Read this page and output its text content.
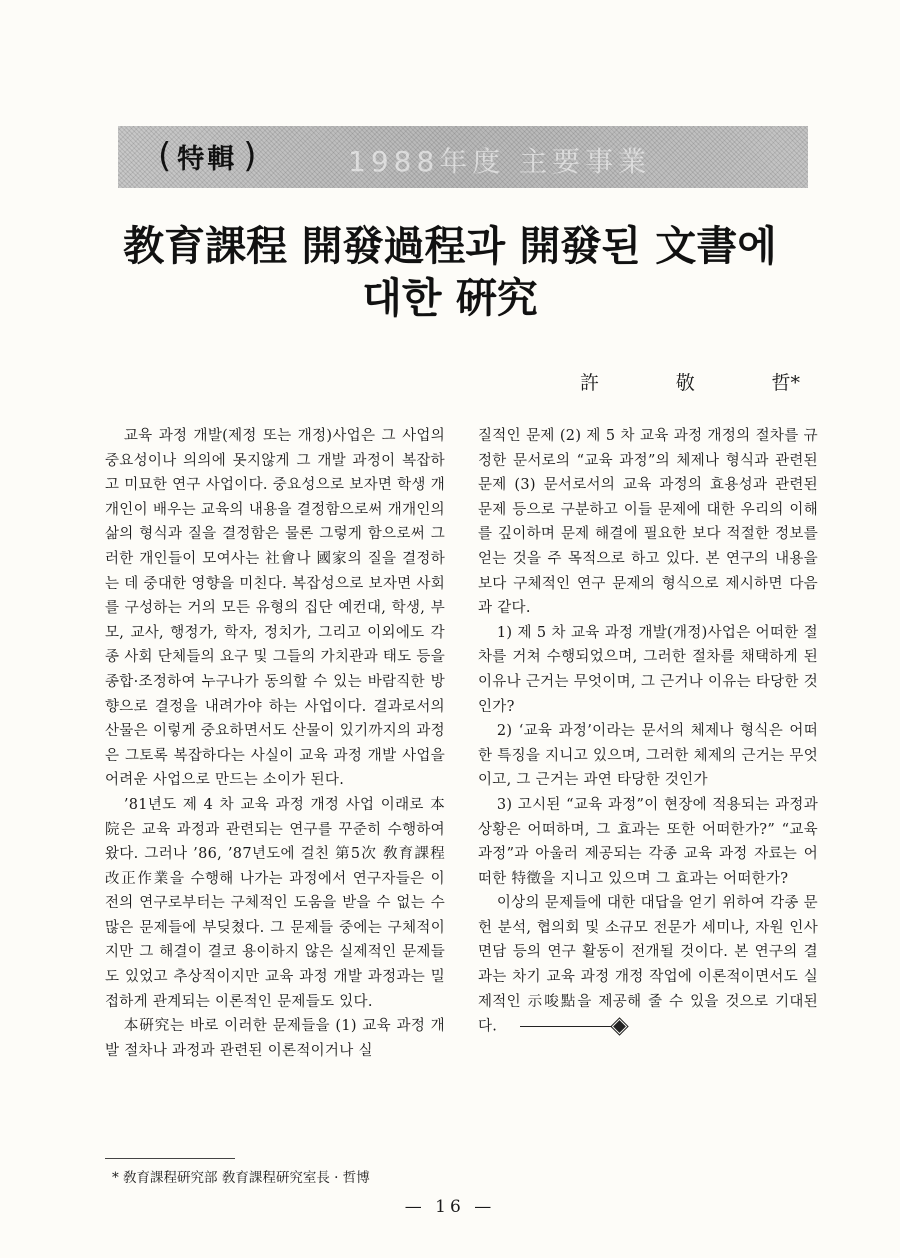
( 特輯 )	1988年度 主要事業
教育課程 開發過程과 開發된 文書에
대한 硏究
許	敬	哲*

교육 과정 개발(제정 또는 개정)사업은 그 사업의 중요성이나 의의에 못지않게 그 개발 과정이 복잡하고 미묘한 연구 사업이다. 중요성으로 보자면 학생 개개인이 배우는 교육의 내용을 결정함으로써 개개인의 삶의 형식과 질을 결정함은 물론 그렇게 함으로써 그러한 개인들이 모여사는 社會나 國家의 질을 결정하는 데 중대한 영향을 미친다. 복잡성으로 보자면 사회를 구성하는 거의 모든 유형의 집단 예컨대, 학생, 부모, 교사, 행정가, 학자, 정치가, 그리고 이외에도 각종 사회 단체들의 요구 및 그들의 가치관과 태도 등을 종합·조정하여 누구나가 동의할 수 있는 바람직한 방향으로 결정을 내려가야 하는 사업이다. 결과로서의 산물은 이렇게 중요하면서도 산물이 있기까지의 과정은 그토록 복잡하다는 사실이 교육 과정 개발 사업을 어려운 사업으로 만드는 소이가 된다.

’81년도 제 4 차 교육 과정 개정 사업 이래로 本院은 교육 과정과 관련되는 연구를 꾸준히 수행하여 왔다. 그러나 ’86, ’87년도에 걸친 第5次 敎育課程 改正作業을 수행해 나가는 과정에서 연구자들은 이전의 연구로부터는 구체적인 도움을 받을 수 없는 수많은 문제들에 부딪쳤다. 그 문제들 중에는 구체적이지만 그 해결이 결코 용이하지 않은 실제적인 문제들도 있었고 추상적이지만 교육 과정 개발 과정과는 밀접하게 관계되는 이론적인 문제들도 있다.

本硏究는 바로 이러한 문제들을 (1) 교육 과정 개발 절차나 과정과 관련된 이론적이거나 실

질적인 문제 (2) 제 5 차 교육 과정 개정의 절차를 규정한 문서로의 “교육 과정”의 체제나 형식과 관련된 문제 (3) 문서로서의 교육 과정의 효용성과 관련된 문제 등으로 구분하고 이들 문제에 대한 우리의 이해를 깊이하며 문제 해결에 필요한 보다 적절한 정보를 얻는 것을 주 목적으로 하고 있다. 본 연구의 내용을 보다 구체적인 연구 문제의 형식으로 제시하면 다음과 같다.

1) 제 5 차 교육 과정 개발(개정)사업은 어떠한 절차를 거쳐 수행되었으며, 그러한 절차를 채택하게 된 이유나 근거는 무엇이며, 그 근거나 이유는 타당한 것인가?

2) ‘교육 과정’이라는 문서의 체제나 형식은 어떠한 특징을 지니고 있으며, 그러한 체제의 근거는 무엇이고, 그 근거는 과연 타당한 것인가

3) 고시된 “교육 과정”이 현장에 적용되는 과정과 상황은 어떠하며, 그 효과는 또한 어떠한가?” “교육 과정”과 아울러 제공되는 각종 교육 과정 자료는 어떠한 特徵을 지니고 있으며 그 효과는 어떠한가?

이상의 문제들에 대한 대답을 얻기 위하여 각종 문헌 분석, 협의회 및 소규모 전문가 세미나, 자원 인사 면담 등의 연구 활동이 전개될 것이다. 본 연구의 결과는 차기 교육 과정 개정 작업에 이론적이면서도 실제적인 示唆點을 제공해 줄 수 있을 것으로 기대된다.

* 敎育課程硏究部 敎育課程硏究室長 · 哲博
— 16 —
